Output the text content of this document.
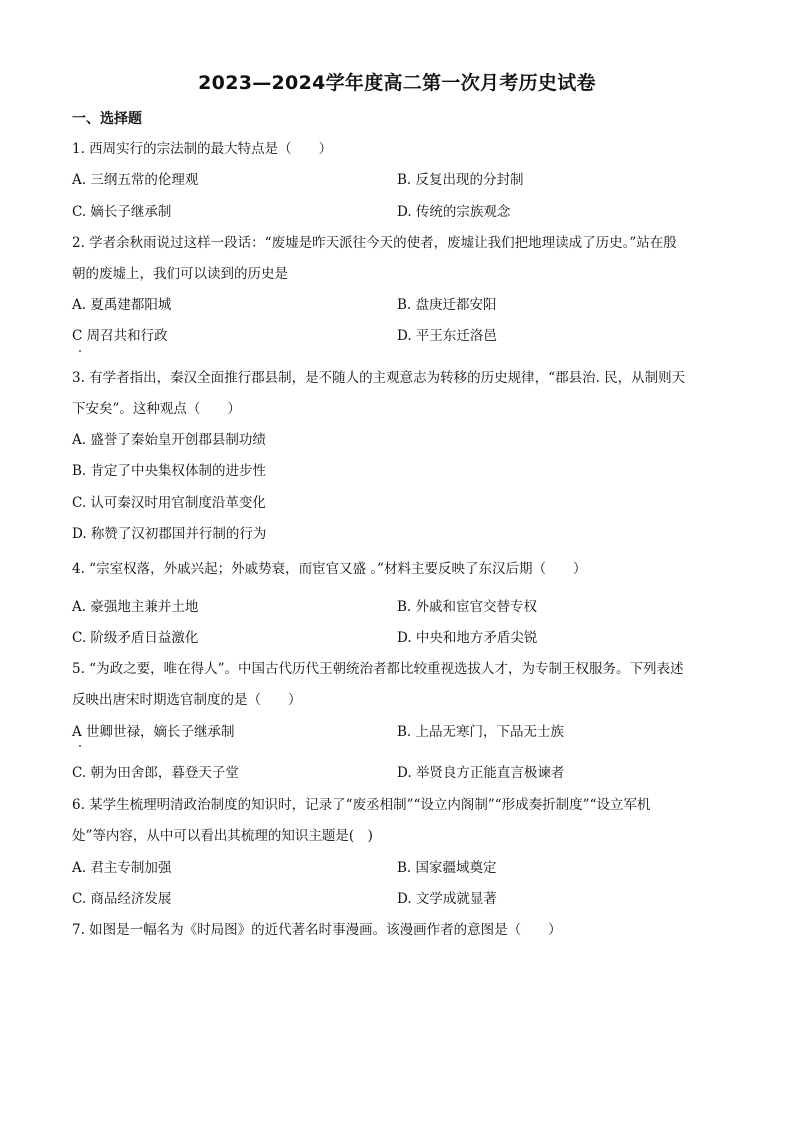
2023—2024学年度高二第一次月考历史试卷
一、选择题
1. 西周实行的宗法制的最大特点是（　　）
A. 三纲五常的伦理观	B. 反复出现的分封制
C. 嫡长子继承制	D. 传统的宗族观念
2. 学者余秋雨说过这样一段话：“废墟是昨天派往今天的使者，废墟让我们把地理读成了历史。”站在殷
朝的废墟上，我们可以读到的历史是
A. 夏禹建都阳城	B. 盘庚迁都安阳
C 周召共和行政	D. 平王东迁洛邑
3. 有学者指出，秦汉全面推行郡县制，是不随人的主观意志为转移的历史规律，“郡县治. 民，从制则天
下安矣”。这种观点（　　）
A. 盛誉了秦始皇开创郡县制功绩
B. 肯定了中央集权体制的进步性
C. 认可秦汉时用官制度沿革变化
D. 称赞了汉初郡国并行制的行为
4. “宗室权落，外戚兴起；外戚势衰，而宦官又盛 。”材料主要反映了东汉后期（　　）
A. 豪强地主兼并土地	B. 外戚和宦官交替专权
C. 阶级矛盾日益激化	D. 中央和地方矛盾尖锐
5. “为政之要，唯在得人”。中国古代历代王朝统治者都比较重视选拔人才，为专制王权服务。下列表述
反映出唐宋时期选官制度的是（　　）
A 世卿世禄，嫡长子继承制	B. 上品无寒门，下品无士族
C. 朝为田舍郎，暮登天子堂	D. 举贤良方正能直言极谏者
6. 某学生梳理明清政治制度的知识时，记录了“废丞相制”“设立内阁制”“形成奏折制度”“设立军机
处”等内容，从中可以看出其梳理的知识主题是(　)
A. 君主专制加强	B. 国家疆域奠定
C. 商品经济发展	D. 文学成就显著
7. 如图是一幅名为《时局图》的近代著名时事漫画。该漫画作者的意图是（　　）
